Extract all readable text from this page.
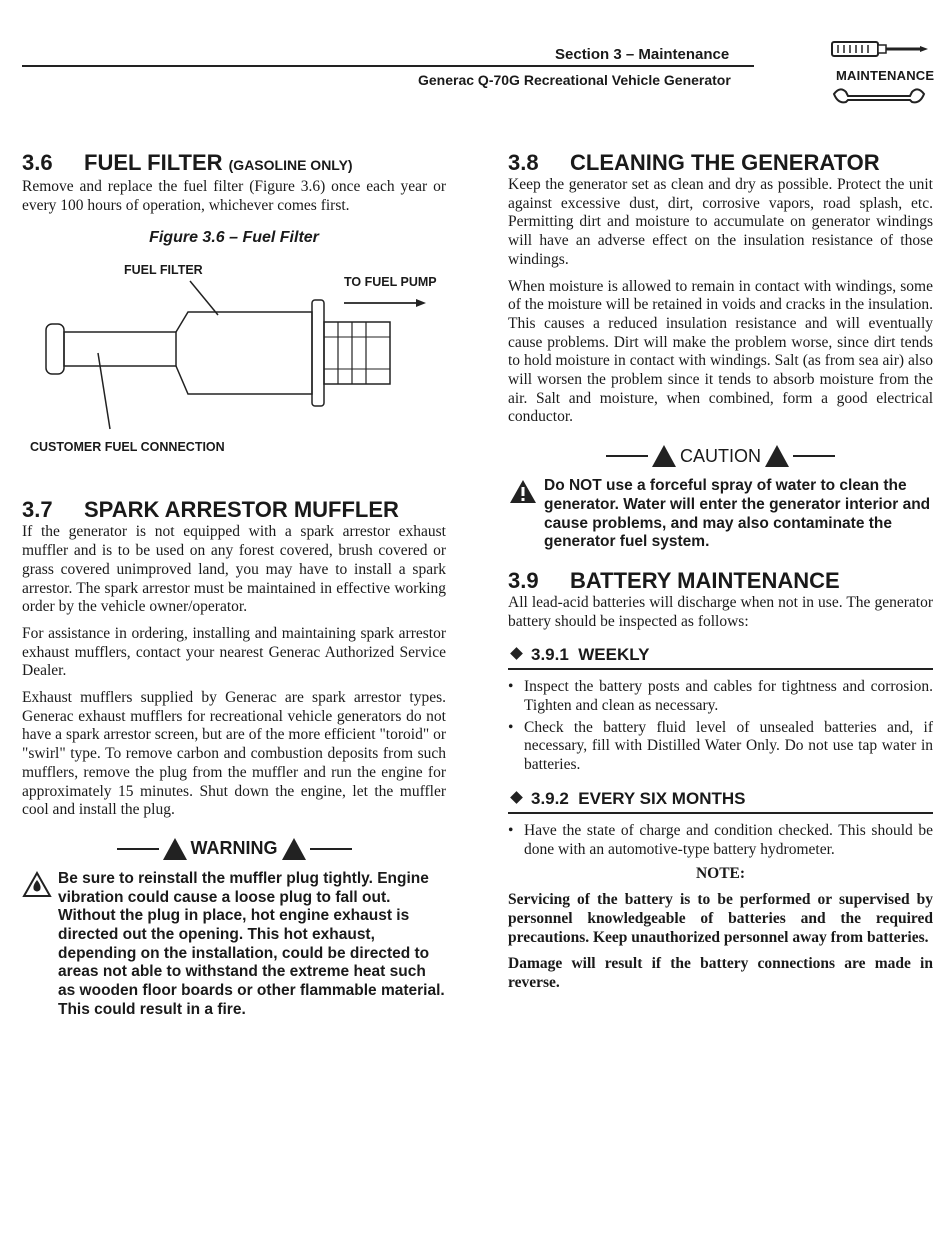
Section 3 – Maintenance
Generac Q-70G Recreational Vehicle Generator	MAINTENANCE
3.6 FUEL FILTER (GASOLINE ONLY)

Remove and replace the fuel filter (Figure 3.6) once each year or every 100 hours of operation, whichever comes first.

Figure 3.6 – Fuel Filter
FUEL FILTER
TO FUEL PUMP
CUSTOMER FUEL CONNECTION
3.7 SPARK ARRESTOR MUFFLER

If the generator is not equipped with a spark arrestor exhaust muffler and is to be used on any forest covered, brush covered or grass covered unimproved land, you may have to install a spark arrestor. The spark arrestor must be maintained in effective working order by the vehicle owner/operator.

For assistance in ordering, installing and maintaining spark arrestor exhaust mufflers, contact your nearest Generac Authorized Service Dealer.

Exhaust mufflers supplied by Generac are spark arrestor types. Generac exhaust mufflers for recreational vehicle generators do not have a spark arrestor screen, but are of the more efficient "toroid" or "swirl" type. To remove carbon and combustion deposits from such mufflers, remove the plug from the muffler and run the engine for approximately 15 minutes. Shut down the engine, let the muffler cool and install the plug.

WARNING

Be sure to reinstall the muffler plug tightly. Engine vibration could cause a loose plug to fall out. Without the plug in place, hot engine exhaust is directed out the opening. This hot exhaust, depending on the installation, could be directed to areas not able to withstand the extreme heat such as wooden floor boards or other flammable material. This could result in a fire.

3.8 CLEANING THE GENERATOR

Keep the generator set as clean and dry as possible. Protect the unit against excessive dust, dirt, corrosive vapors, road splash, etc. Permitting dirt and moisture to accumulate on generator windings will have an adverse effect on the insulation resistance of those windings.

When moisture is allowed to remain in contact with windings, some of the moisture will be retained in voids and cracks in the insulation. This causes a reduced insulation resistance and will eventually cause problems. Dirt will make the problem worse, since dirt tends to hold moisture in contact with windings. Salt (as from sea air) also will worsen the problem since it tends to absorb moisture from the air. Salt and moisture, when combined, form a good electrical conductor.

CAUTION

Do NOT use a forceful spray of water to clean the generator. Water will enter the generator interior and cause problems, and may also contaminate the generator fuel system.

3.9 BATTERY MAINTENANCE

All lead-acid batteries will discharge when not in use. The generator battery should be inspected as follows:

3.9.1 WEEKLY
• Inspect the battery posts and cables for tightness and corrosion. Tighten and clean as necessary.
• Check the battery fluid level of unsealed batteries and, if necessary, fill with Distilled Water Only. Do not use tap water in batteries.
3.9.2 EVERY SIX MONTHS
• Have the state of charge and condition checked. This should be done with an automotive-type battery hydrometer.
NOTE:

Servicing of the battery is to be performed or supervised by personnel knowledgeable of batteries and the required precautions. Keep unauthorized personnel away from batteries.

Damage will result if the battery connections are made in reverse.
